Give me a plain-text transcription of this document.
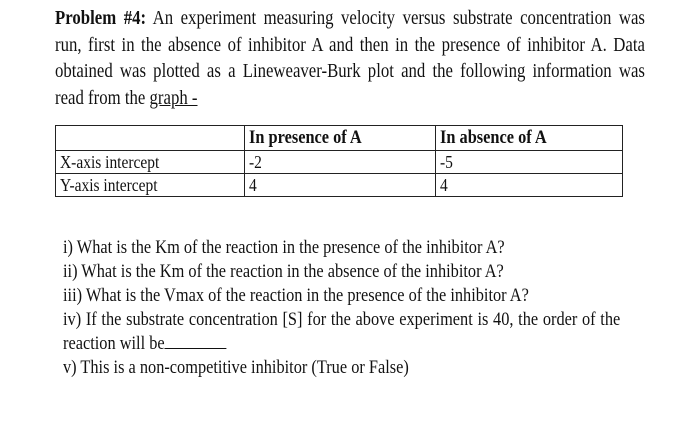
Problem #4: An experiment measuring velocity versus substrate concentration was run, first in the absence of inhibitor A and then in the presence of inhibitor A. Data obtained was plotted as a Lineweaver-Burk plot and the following information was read from the graph -
	In presence of A	In absence of A
X-axis intercept	-2	-5
Y-axis intercept	4	4
i) What is the Km of the reaction in the presence of the inhibitor A?
ii) What is the Km of the reaction in the absence of the inhibitor A?
iii) What is the Vmax of the reaction in the presence of the inhibitor A?
iv) If the substrate concentration [S] for the above experiment is 40, the order of the reaction will be
v) This is a non-competitive inhibitor (True or False)
